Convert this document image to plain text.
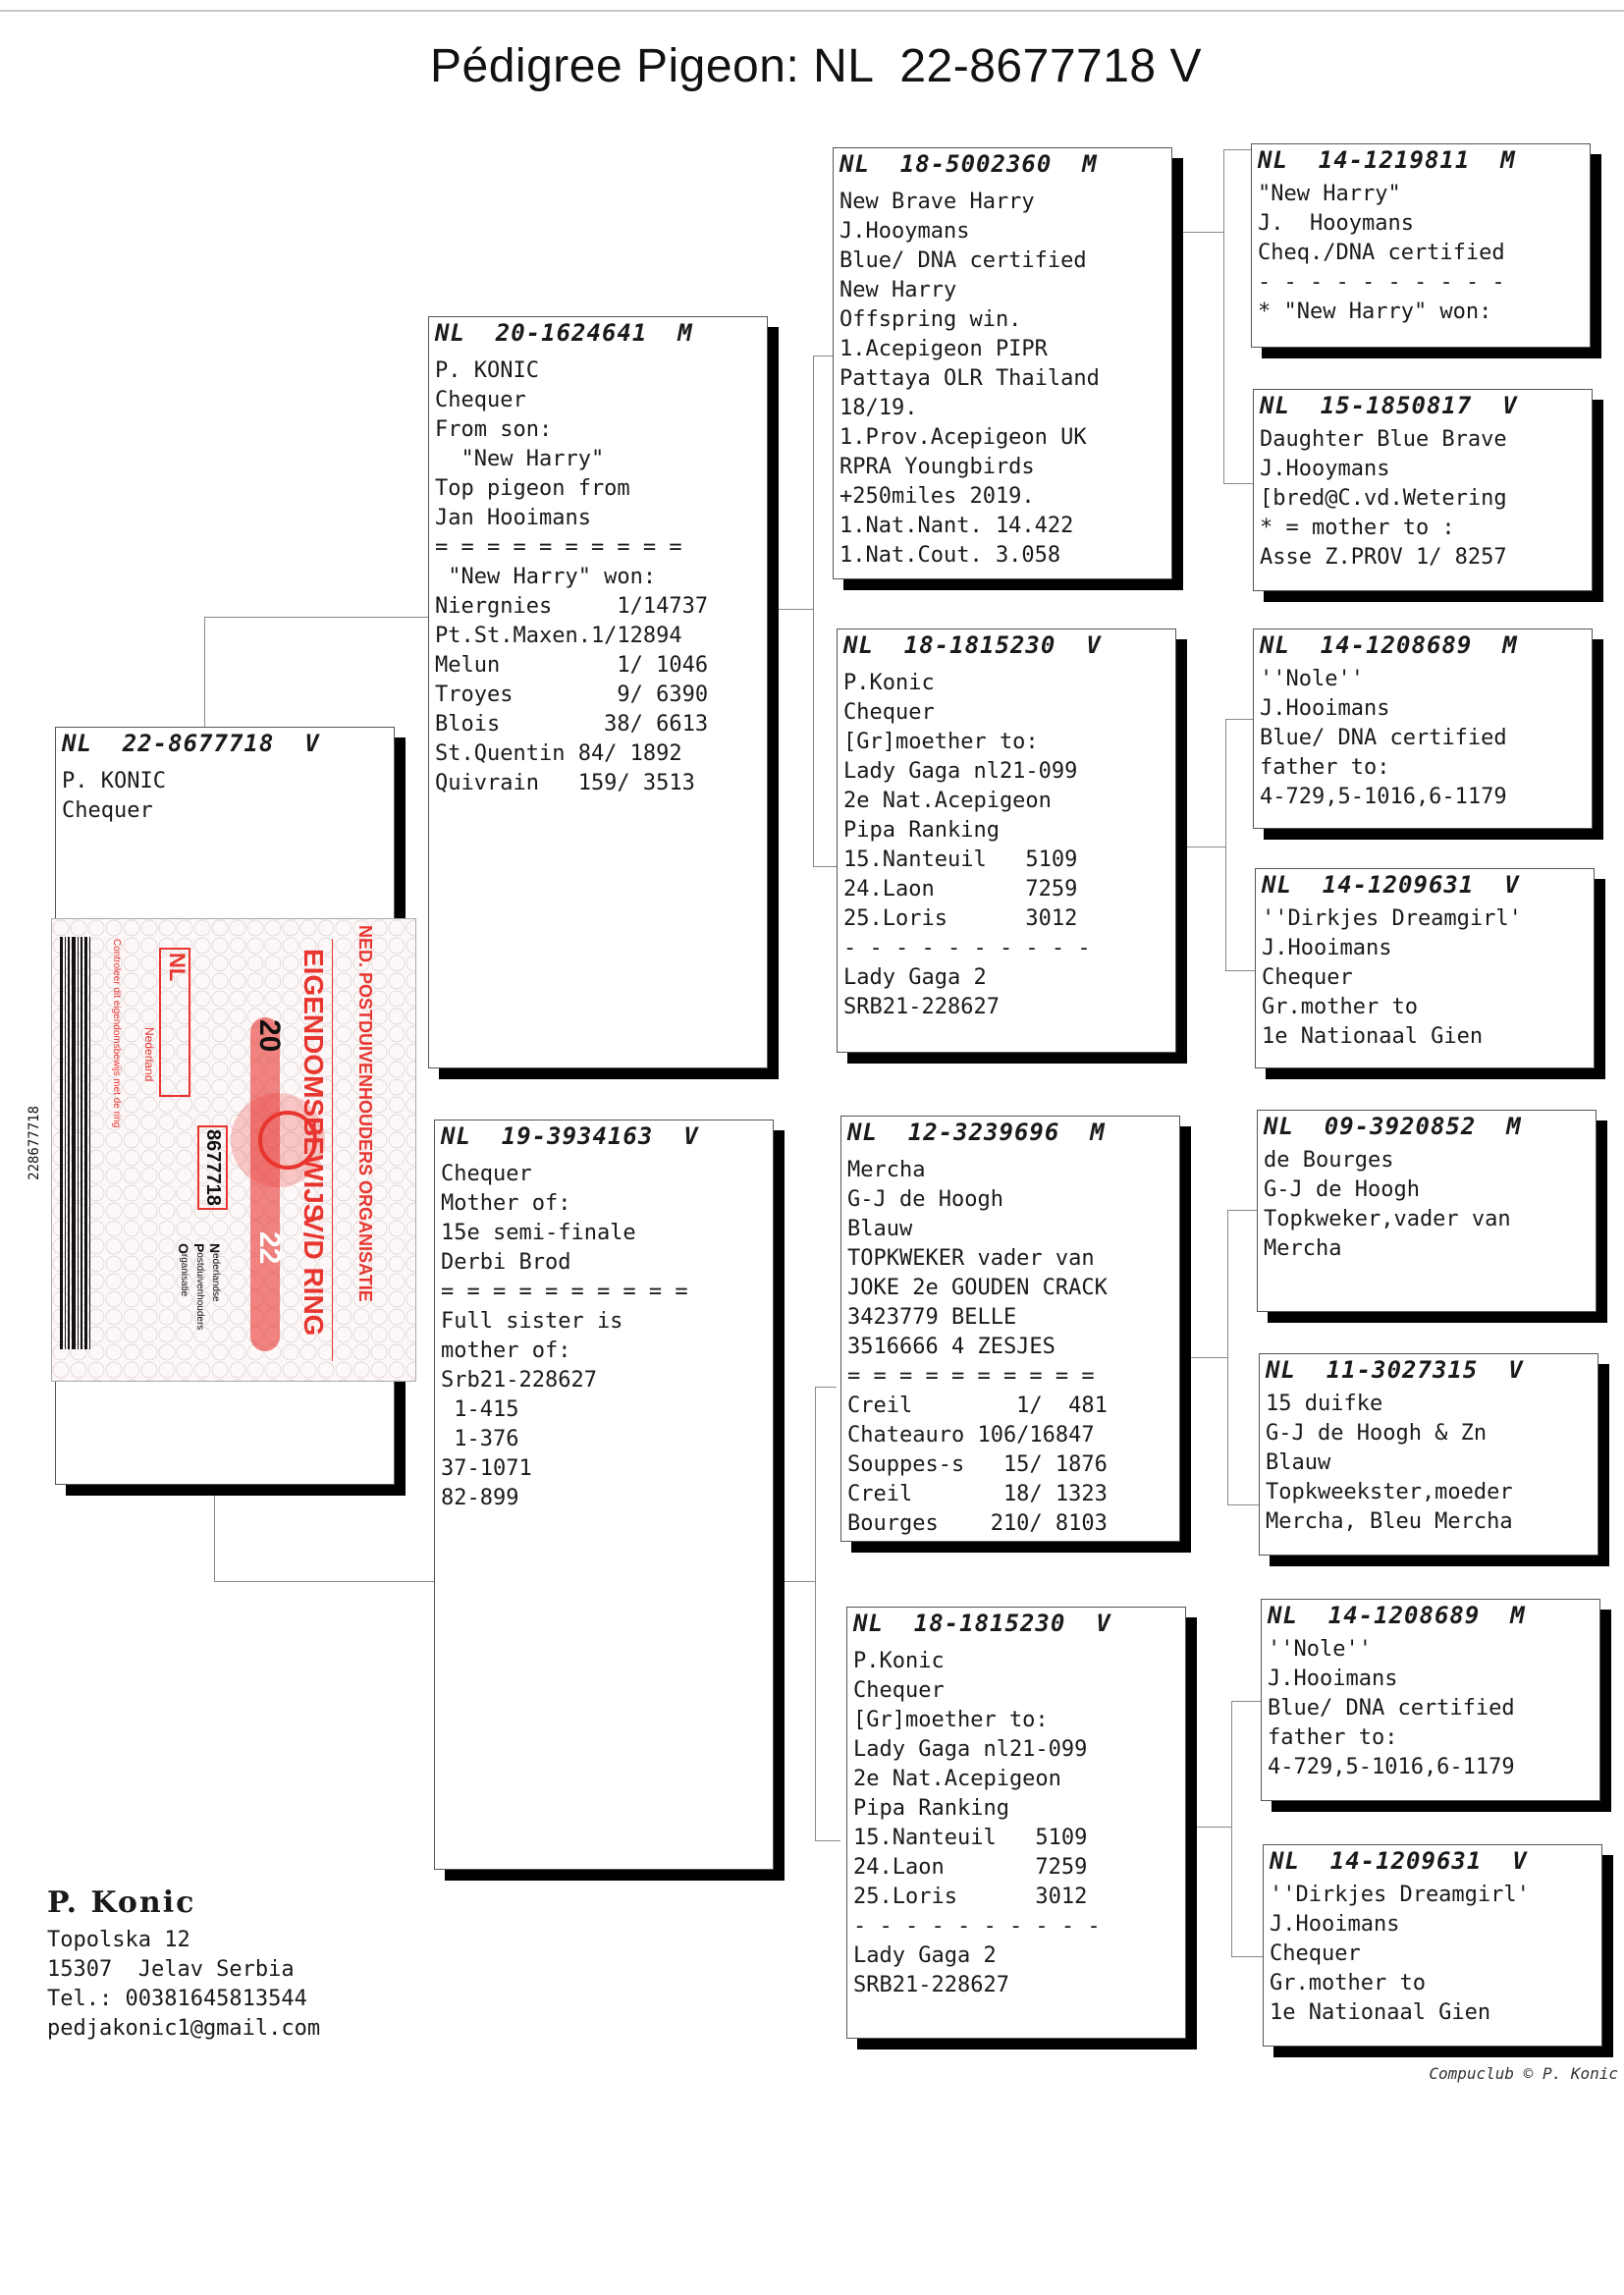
Pédigree Pigeon: NL  22-8677718 V
NL  22-8677718  V
P. KONIC
Chequer
NL  20-1624641  M
P. KONIC
Chequer
From son:
"New Harry"
Top pigeon from
Jan Hooimans
= = = = = = = = = =
"New Harry" won:
Niergnies     1/14737
Pt.St.Maxen.1/12894
Melun         1/ 1046
Troyes        9/ 6390
Blois        38/ 6613
St.Quentin 84/ 1892
Quivrain   159/ 3513
NL  19-3934163  V
Chequer
Mother of:
15e semi-finale
Derbi Brod
= = = = = = = = = =
Full sister is
mother of:
Srb21-228627
1-415
1-376
37-1071
82-899
NL  18-5002360  M
New Brave Harry
J.Hooymans
Blue/ DNA certified
New Harry
Offspring win.
1.Acepigeon PIPR
Pattaya OLR Thailand
18/19.
1.Prov.Acepigeon UK
RPRA Youngbirds
+250miles 2019.
1.Nat.Nant. 14.422
1.Nat.Cout. 3.058
NL  18-1815230  V
P.Konic
Chequer
[Gr]moether to:
Lady Gaga nl21-099
2e Nat.Acepigeon
Pipa Ranking
15.Nanteuil   5109
24.Laon       7259
25.Loris      3012
- - - - - - - - - -
Lady Gaga 2
SRB21-228627
NL  12-3239696  M
Mercha
G-J de Hoogh
Blauw
TOPKWEKER vader van
JOKE 2e GOUDEN CRACK
3423779 BELLE
3516666 4 ZESJES
= = = = = = = = = =
Creil        1/  481
Chateauro 106/16847
Souppes-s   15/ 1876
Creil       18/ 1323
Bourges    210/ 8103
NL  18-1815230  V
P.Konic
Chequer
[Gr]moether to:
Lady Gaga nl21-099
2e Nat.Acepigeon
Pipa Ranking
15.Nanteuil   5109
24.Laon       7259
25.Loris      3012
- - - - - - - - - -
Lady Gaga 2
SRB21-228627
NL  14-1219811  M
"New Harry"
J.  Hooymans
Cheq./DNA certified
- - - - - - - - - -
* "New Harry" won:
NL  15-1850817  V
Daughter Blue Brave
J.Hooymans
[bred@C.vd.Wetering
* = mother to :
Asse Z.PROV 1/ 8257
NL  14-1208689  M
''Nole''
J.Hooimans
Blue/ DNA certified
father to:
4-729,5-1016,6-1179
NL  14-1209631  V
''Dirkjes Dreamgirl'
J.Hooimans
Chequer
Gr.mother to
1e Nationaal Gien
NL  09-3920852  M
de Bourges
G-J de Hoogh
Topkweker,vader van
Mercha
NL  11-3027315  V
15 duifke
G-J de Hoogh & Zn
Blauw
Topkweekster,moeder
Mercha, Bleu Mercha
NL  14-1208689  M
''Nole''
J.Hooimans
Blue/ DNA certified
father to:
4-729,5-1016,6-1179
NL  14-1209631  V
''Dirkjes Dreamgirl'
J.Hooimans
Chequer
Gr.mother to
1e Nationaal Gien
NED. POSTDUIVENHOUDERS ORGANISATIE
EIGENDOMSBEWIJS
V/D RING
20
22
NL
Nederland
8677718
22867771​8
Controleer dit eigendomsbewijs met de ring
Nederlandse
Postduivenhouders
Organisatie
P. Konic
Topolska 12
15307  Jelav Serbia
Tel.: 00381645813544
pedjakonic1@gmail.com
Compuclub © P. Konic
